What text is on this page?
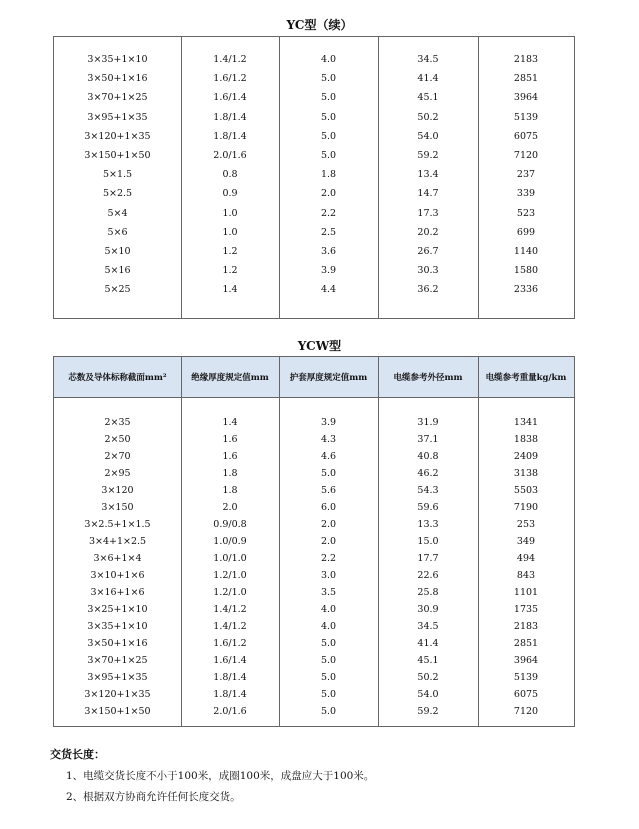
YC型（续）
3×35+1×10	1.4/1.2	4.0	34.5	2183
3×50+1×16	1.6/1.2	5.0	41.4	2851
3×70+1×25	1.6/1.4	5.0	45.1	3964
3×95+1×35	1.8/1.4	5.0	50.2	5139
3×120+1×35	1.8/1.4	5.0	54.0	6075
3×150+1×50	2.0/1.6	5.0	59.2	7120
5×1.5	0.8	1.8	13.4	237
5×2.5	0.9	2.0	14.7	339
5×4	1.0	2.2	17.3	523
5×6	1.0	2.5	20.2	699
5×10	1.2	3.6	26.7	1140
5×16	1.2	3.9	30.3	1580
5×25	1.4	4.4	36.2	2336
YCW型
芯数及导体标称截面mm²	绝缘厚度规定值mm	护套厚度规定值mm	电缆参考外径mm	电缆参考重量kg/km
2×35	1.4	3.9	31.9	1341
2×50	1.6	4.3	37.1	1838
2×70	1.6	4.6	40.8	2409
2×95	1.8	5.0	46.2	3138
3×120	1.8	5.6	54.3	5503
3×150	2.0	6.0	59.6	7190
3×2.5+1×1.5	0.9/0.8	2.0	13.3	253
3×4+1×2.5	1.0/0.9	2.0	15.0	349
3×6+1×4	1.0/1.0	2.2	17.7	494
3×10+1×6	1.2/1.0	3.0	22.6	843
3×16+1×6	1.2/1.0	3.5	25.8	1101
3×25+1×10	1.4/1.2	4.0	30.9	1735
3×35+1×10	1.4/1.2	4.0	34.5	2183
3×50+1×16	1.6/1.2	5.0	41.4	2851
3×70+1×25	1.6/1.4	5.0	45.1	3964
3×95+1×35	1.8/1.4	5.0	50.2	5139
3×120+1×35	1.8/1.4	5.0	54.0	6075
3×150+1×50	2.0/1.6	5.0	59.2	7120
交货长度：
1、电缆交货长度不小于100米，成圈100米，成盘应大于100米。
2、根据双方协商允许任何长度交货。
